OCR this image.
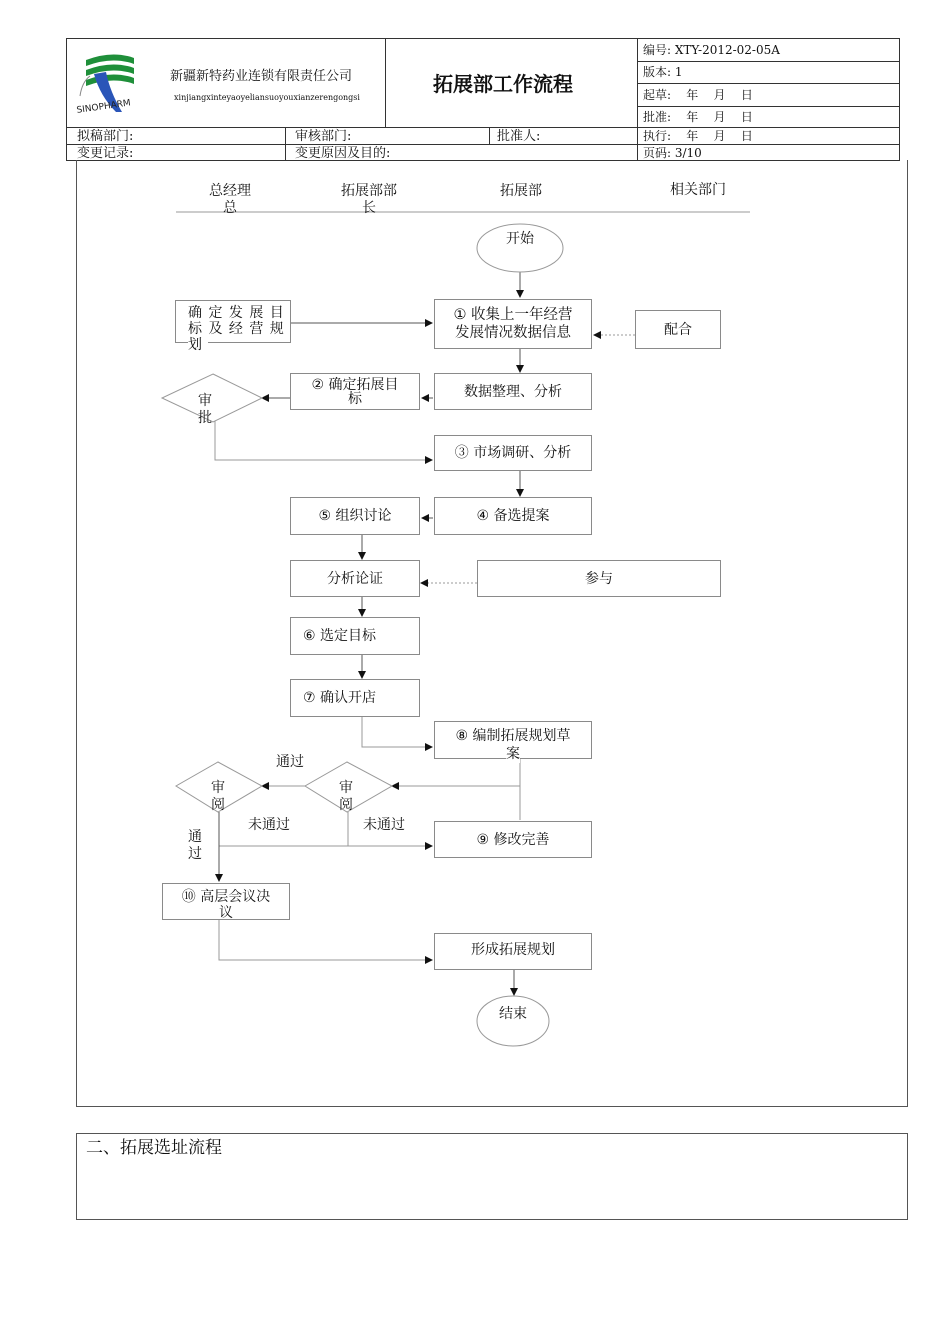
SINOPHARM
新疆新特药业连锁有限责任公司
xinjiangxinteyaoyeliansuoyouxianzerengongsi
拓展部工作流程
编号: XTY-2012-02-05A
版本: 1
起草:    年    月    日
批准:    年    月    日
执行:    年    月    日
页码: 3/10
拟稿部门:	审核部门:	批准人:
变更记录:	变更原因及目的:
总经理
总
拓展部部
长
拓展部	相关部门
开始
确 定 发 展 目
标 及 经 营 规
划
① 收集上一年经营
发展情况数据信息	配合
数据整理、分析
② 确定拓展目
标
审
批
③ 市场调研、分析
⑤ 组织讨论	④ 备选提案
分析论证	参与
⑥ 选定目标
⑦ 确认开店
⑧ 编制拓展规划草
案
通过
审
阅
审
阅
未通过	未通过
通
过
⑨ 修改完善
⑩ 高层会议决
议
形成拓展规划
结束
二、拓展选址流程
